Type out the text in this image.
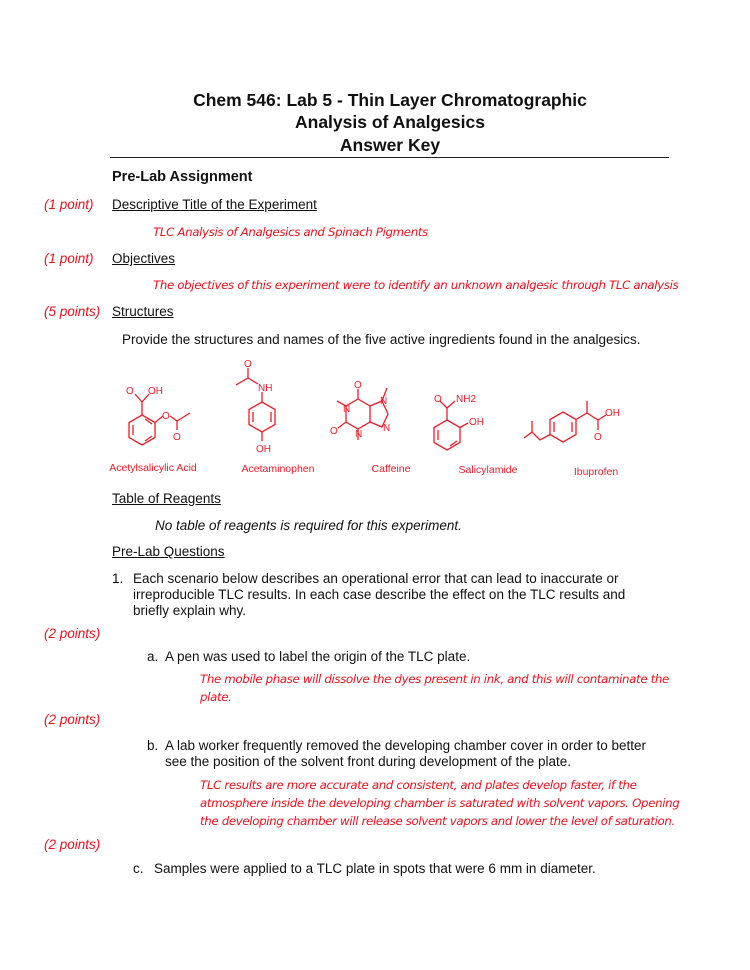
Chem 546: Lab 5 - Thin Layer Chromatographic
Analysis of Analgesics
Answer Key
Pre-Lab Assignment
(1 point) Descriptive Title of the Experiment
TLC Analysis of Analgesics and Spinach Pigments
(1 point) Objectives
The objectives of this experiment were to identify an unknown analgesic through TLC analysis
(5 points) Structures
Provide the structures and names of the five active ingredients found in the analgesics.
O OH
O
O
O
NH
OH
O
N
N
N
N
O
O NH2
OH
OH
O
Acetylsalicylic Acid	Acetaminophen	Caffeine	Salicylamide	Ibuprofen
Table of Reagents
No table of reagents is required for this experiment.
Pre-Lab Questions
1. Each scenario below describes an operational error that can lead to inaccurate or
irreproducible TLC results. In each case describe the effect on the TLC results and
briefly explain why.
(2 points)
a. A pen was used to label the origin of the TLC plate.
The mobile phase will dissolve the dyes present in ink, and this will contaminate the
plate.
(2 points)
b. A lab worker frequently removed the developing chamber cover in order to better
see the position of the solvent front during development of the plate.
TLC results are more accurate and consistent, and plates develop faster, if the
atmosphere inside the developing chamber is saturated with solvent vapors. Opening
the developing chamber will release solvent vapors and lower the level of saturation.
(2 points)
c. Samples were applied to a TLC plate in spots that were 6 mm in diameter.
